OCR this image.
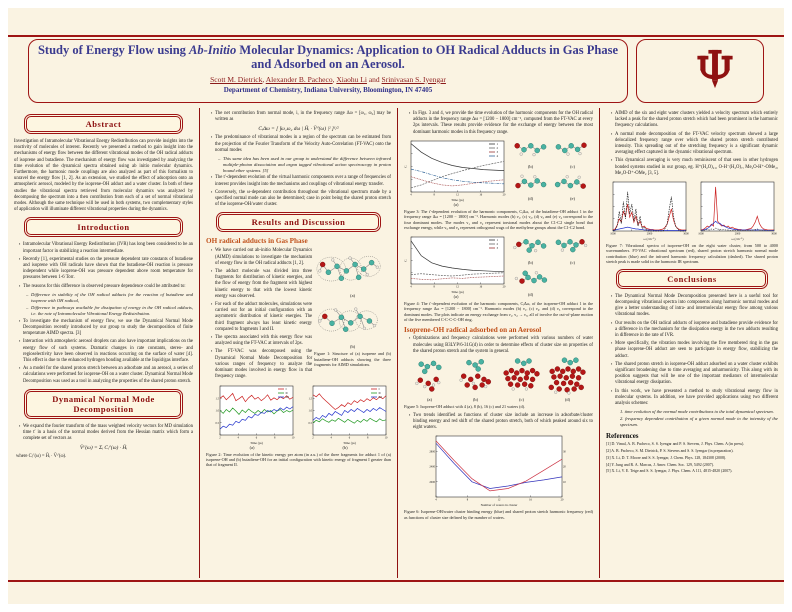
Study of Energy Flow using Ab-Initio Molecular Dynamics: Application to OH Radical Adducts in Gas Phase and Adsorbed on an Aerosol.
Scott M. Dietrick, Alexander B. Pacheco, Xiaohu Li and Srinivasan S. Iyengar
Department of Chemistry, Indiana University, Bloomington, IN 47405
Abstract
Investigation of Intramolecular Vibrational Energy Redistribution can provide insights into the reactivity of molecules of interest. Recently we presented a method to gain insight into the mechanisms of energy flow between the different vibrational modes of the OH radical adducts of isoprene and butadiene. The mechanism of energy flow was investigated by analyzing the time evolution of the dynamical spectra obtained using ab initio molecular dynamics. Furthermore, the harmonic mode couplings are also analyzed as part of this formalism to unravel the energy flow [1, 2]. As an extension, we studied the effect of adsorption onto an atmospheric aerosol, modeled by the isoprene-OH adduct and a water cluster. In both of these studies the vibrational spectra retrieved from molecular dynamics was analyzed by decomposing the spectrum into a then contribution from each of a set of normal vibrational modes. Although the same technique will be used in both systems, two complementary styles of application will illuminate different vibrational properties during the dynamics.
Introduction
▪ Intramolecular Vibrational Energy Redistribution (IVR) has long been considered to be an important factor in stabilizing a reaction intermediate.
▪ Recently [1], experimental studies on the pressure dependent rate constants of butadiene and isoprene with OH radicals have shown that the butadiene-OH reaction is pressure independent while isoprene-OH was pressure dependent above room temperature for pressures between 1-6 Torr.
▪ The reasons for this difference in observed pressure dependence could be attributed to:
– Difference in stability of the OH radical adducts for the reaction of butadiene and isoprene with OH radical,
– Difference in pathways available for dissipation of energy in the OH radical adducts, i.e. the rate of Intramolecular Vibrational Energy Redistribution.
▪ To investigate the mechanism of energy flow, we use the Dynamical Normal Mode Decomposition recently introduced by our group to study the decomposition of finite temperature AIMD spectra. [3]
▪ Interaction with atmospheric aerosol droplets can also have important implications on the energy flow of such systems. Dramatic changes in rate constants, stereo- and regioselectivity have been observed in reactions occurring on the surface of water [4]. This effect is due to the enhanced hydrogen bonding available at the liquid/gas interface.
▪ As a model for the shared proton stretch between an adsorbate and an aerosol, a series of calculations were performed for isoprene-OH on a water cluster. Dynamical Normal Mode Decomposition was used as a tool in analyzing the properties of the shared proton stretch.
Dynamical Normal Mode Decomposition
▪ We expand the fourier transform of the mass weighted velocity vectors for MD simulation time t′ in a basis of the normal modes derived from the Hessian matrix which form a complete set of vectors as
V̄ᵗ′(ω) = Σᵢ Cᵢᵗ′(ω) · H̄ᵢ
where Cᵢᵗ′(ω) = H̄ᵢ · V̄ᵗ′(ω).
▪ The net contribution from normal mode, i, in the frequency range Δω = [ω₁, ω₂] may be written as
CᵢΔω = [ ∫ω₁ω₂ dω | H̄ᵢ · V̄ᵗ′(ω) |² ]¹/²
▪ The predominance of vibrational modes in a region of the spectrum can be estimated from the projection of the Fourier Transform of the Velocity Auto-Correlation (FT-VAC) onto the normal modes
– This same idea has been used in our group to understand the difference between infrared multiple-photon dissociation and argon tagged vibrational action spectroscopy in proton bound ether systems. [5]
▪ The t′-dependent evolution of the virtual harmonic components over a range of frequencies of interest provides insight into the mechanisms and couplings of vibrational energy transfer.
▪ Conversely, the ω-dependent contribution throughout the vibrational spectrum made by a specified normal mode can also be determined; case in point being the shared proton stretch of the isoprene-OH/water cluster.
Results and Discussion
OH radical adducts in Gas Phase
▪ We have carried out ab-initio Molecular Dynamics (AIMD) simulations to investigate the mechanism of energy flow in the OH radical adducts [1, 2].
▪ The adduct molecule was divided into three fragments for distribution of kinetic energies, and the flow of energy from the fragment with highest kinetic energy to that with the lowest kinetic energy was observed.
▪ For each of the adduct molecules, simulations were carried out for an initial configuration with an asymmetric distribution of kinetic energies. The third fragment always has least kinetic energy compared to fragments I and II.
▪ The spectra associated with this energy flow was analyzed using the FT-VAC at intervals of 2ps.
▪ The FT-VAC was decomposed using the Dynamical Normal Mode Decomposition for various ranges of frequency to analyze the dominant modes involved in energy flow in that frequency range.
(a)
(b)
Figure 1: Structure of (a) isoprene and (b) butadiene-OH adducts showing the three fragments for AIMD simulations.
I
II
III
2	4	6	8	10
0.5
1.0
1.5
Time (ps)
(a)
I
II
III
2	4	6	8	10
0.5
1.0
1.5
Time (ps)
(b)
Figure 2: Time evolution of the kinetic energy per atom (in a.u.) of the three fragments for adduct 1 of (a) isoprene-OH and (b) butadiene-OH for an initial configuration with kinetic energy of fragment I greater than that of fragment II.
▪ In Figs. 3 and 4, we provide the time evolution of the harmonic components for the OH radical adducts in the frequency range Δω = [1200 − 1800] cm⁻¹, computed from the FT-VAC at every 2ps intervals. These results provide evidence for the exchange of energy between the most dominant harmonic modes in this frequency range.
1
2
3
4
4	8	12	16	20
Time (ps)
Cᵢ
(a)
(b)	(c)
(d)	(e)
Figure 3: The t′-dependent evolution of the harmonic components, CᵢΔω, of the butadiene-OH adduct 1 in the frequency range Δω = [1200 − 1800] cm⁻¹. Harmonic modes (b) ν₁, (c) ν₂, (d) ν₃ and (e) ν₄ correspond to the four dominant modes. The modes ν₁ and ν₂ represent torsional modes about the C1-C2 single bond that exchange energy, while ν₃ and ν₄ represent orthogonal wags of the methylene groups about the C1-C2 bond.
1
2
3
4	8	12	16	20
Time (ps)
Cᵢ
(a)
(b)	(c)
(d)
Figure 4: The t′-dependent evolution of the harmonic components, CᵢΔω, of the isoprene-OH adduct 1 in the frequency range Δω = [1200 − 1800] cm⁻¹. Harmonic modes (b) ν₁, (c) ν₂, and (d) ν₃ correspond to the dominant modes. The plots indicate an energy exchange from ν₁, ν₂ → ν₃, all of involve the out-of-plane motion of the five membered C-C-C-C-OH ring.
Isoprene-OH radical adsorbed on an Aerosol
▪ Optimizations and frequency calculations were performed with various numbers of water molecules using B3LYP/6-31G(d) in order to determine effects of cluster size on properties of the shared proton stretch and the system in general.
(a)	(b)	(c)	(d)
Figure 5: Isoprene-OH adduct with 4 (a), 8 (b), 16 (c) and 21 waters (d).
▪ Two trends identified as functions of cluster size include an increase in adsorbate/cluster binding energy and red shift of the shared proton stretch, both of which peaked around six to eight waters.
4	8	12	16	20
2000
2400
2800
10
20
30
Number of waters in cluster
Figure 6: Isoprene-OH/water cluster binding energy (blue) and shared proton stretch harmonic frequency (red) as functions of cluster size defined by the number of waters.
▪ AIMD of the six and eight water clusters yielded a velocity spectrum which entirely lacked a peak for the shared proton stretch which had been prominent in the harmonic frequency calculations.
▪ A normal mode decomposition of the FT-VAC velocity spectrum showed a large delocalized frequency range over which the shared proton stretch contributed intensity. This spreading out of the stretching frequency is a significant dynamic averaging effect captured in the dynamic vibrational spectrum.
▪ This dynamical averaging is very much reminiscent of that seen in other hydrogen bonded systems studied in our group, eg. H⁺(H₂O)₂₁, O-H⁻(H₂O)₇, Me₂O-H⁺-OMe₂, Me₂O-D⁺-OMe₂ [3, 5].
1000	2000	3000
ω (cm⁻¹)
1000	2000	3000
ω (cm⁻¹)
Figure 7: Vibrational spectra of isoprene-OH on the eight water cluster, from 500 to 4000 wavenumbers. FT-VAC vibrational spectrum (red), shared proton stretch harmonic normal mode contribution (blue) and the infrared harmonic frequency calculation (dashed). The shared proton stretch peak is made solid in the harmonic IR spectrum.
Conclusions
▪ The Dynamical Normal Mode Decomposition presented here is a useful tool for decomposing vibrational spectra into components along harmonic normal modes and give a better understanding of intra- and intermolecular energy flow among various vibrational modes.
▪ Our results on the OH radical adducts of isoprene and butadiene provide evidence for a difference in the mechanism for the dissipation energy in the two adducts resulting in difference in the rate of IVR.
▪ More specifically, the vibration modes involving the five membered ring in the gas phase isoprene-OH adduct are seen to participate in energy flow, stabilizing the adduct.
▪ The shared proton stretch in isoprene-OH adduct adsorbed on a water cluster exhibits significant broadening due to time averaging and anharmonicity. This along with its position suggests that will be one of the important mediators of intermolecular vibrational energy dissipation.
▪ In this work, we have presented a method to study vibrational energy flow in molecular systems. In addition, we have provided applications using two different analysis schemes:
1. time evolution of the normal mode contributions to the total dynamical spectrum.
2. frequency dependent contribution of a given normal mode to the intensity of the spectrum.
References
[1] D. Vimal, A. B. Pacheco, S. S. Iyengar and P. S. Stevens, J. Phys. Chem. A (in press).
[2] A. B. Pacheco, S. M. Dietrick, P. S. Stevens and S. S. Iyengar (in preparation).
[3] X. Li, D. T. Moore and S. S. Iyengar, J. Chem. Phys. 128, 184308 (2008).
[4] Y. Jung and R. A. Marcus, J. Amer. Chem. Soc. 129, 5492 (2007).
[5] X. Li, V. E. Teige and S. S. Iyengar, J. Phys. Chem. A 111, 4815-4820 (2007).
